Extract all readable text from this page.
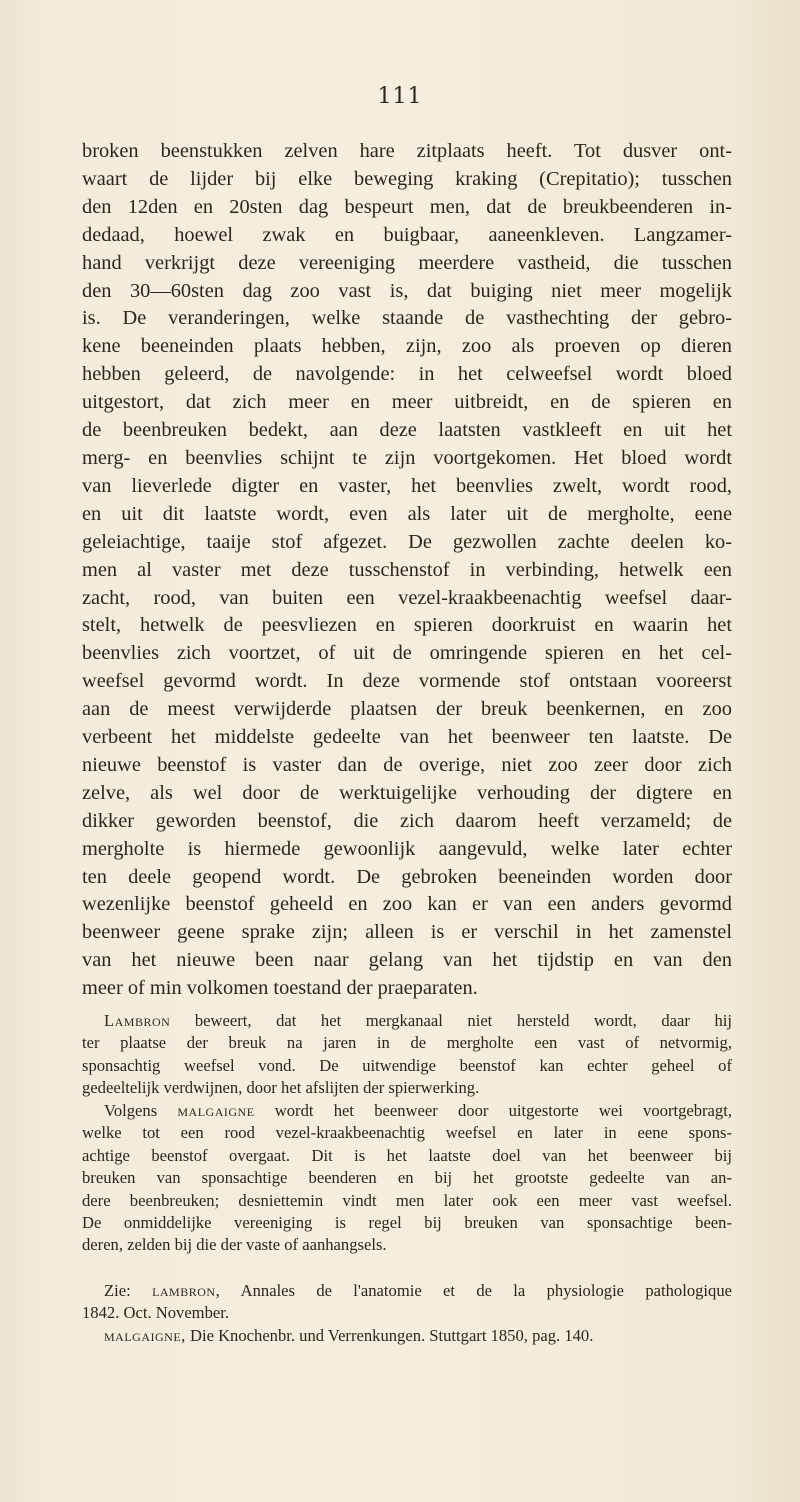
111
broken beenstukken zelven hare zitplaats heeft. Tot dusver ont-
waart de lijder bij elke beweging kraking (Crepitatio); tusschen
den 12den en 20sten dag bespeurt men, dat de breukbeenderen in-
dedaad, hoewel zwak en buigbaar, aaneenkleven. Langzamer-
hand verkrijgt deze vereeniging meerdere vastheid, die tusschen
den 30—60sten dag zoo vast is, dat buiging niet meer mogelijk
is. De veranderingen, welke staande de vasthechting der gebro-
kene beeneinden plaats hebben, zijn, zoo als proeven op dieren
hebben geleerd, de navolgende: in het celweefsel wordt bloed
uitgestort, dat zich meer en meer uitbreidt, en de spieren en
de beenbreuken bedekt, aan deze laatsten vastkleeft en uit het
merg- en beenvlies schijnt te zijn voortgekomen. Het bloed wordt
van lieverlede digter en vaster, het beenvlies zwelt, wordt rood,
en uit dit laatste wordt, even als later uit de mergholte, eene
geleiachtige, taaije stof afgezet. De gezwollen zachte deelen ko-
men al vaster met deze tusschenstof in verbinding, hetwelk een
zacht, rood, van buiten een vezel-kraakbeenachtig weefsel daar-
stelt, hetwelk de peesvliezen en spieren doorkruist en waarin het
beenvlies zich voortzet, of uit de omringende spieren en het cel-
weefsel gevormd wordt. In deze vormende stof ontstaan vooreerst
aan de meest verwijderde plaatsen der breuk beenkernen, en zoo
verbeent het middelste gedeelte van het beenweer ten laatste. De
nieuwe beenstof is vaster dan de overige, niet zoo zeer door zich
zelve, als wel door de werktuigelijke verhouding der digtere en
dikker geworden beenstof, die zich daarom heeft verzameld; de
mergholte is hiermede gewoonlijk aangevuld, welke later echter
ten deele geopend wordt. De gebroken beeneinden worden door
wezenlijke beenstof geheeld en zoo kan er van een anders gevormd
beenweer geene sprake zijn; alleen is er verschil in het zamenstel
van het nieuwe been naar gelang van het tijdstip en van den
meer of min volkomen toestand der praeparaten.
Lambron beweert, dat het mergkanaal niet hersteld wordt, daar hij
ter plaatse der breuk na jaren in de mergholte een vast of netvormig,
sponsachtig weefsel vond. De uitwendige beenstof kan echter geheel of
gedeeltelijk verdwijnen, door het afslijten der spierwerking.
Volgens malgaigne wordt het beenweer door uitgestorte wei voortgebragt,
welke tot een rood vezel-kraakbeenachtig weefsel en later in eene spons-
achtige beenstof overgaat. Dit is het laatste doel van het beenweer bij
breuken van sponsachtige beenderen en bij het grootste gedeelte van an-
dere beenbreuken; desniettemin vindt men later ook een meer vast weefsel.
De onmiddelijke vereeniging is regel bij breuken van sponsachtige been-
deren, zelden bij die der vaste of aanhangsels.
Zie: lambron, Annales de l'anatomie et de la physiologie pathologique
1842. Oct. November.
malgaigne, Die Knochenbr. und Verrenkungen. Stuttgart 1850, pag. 140.
